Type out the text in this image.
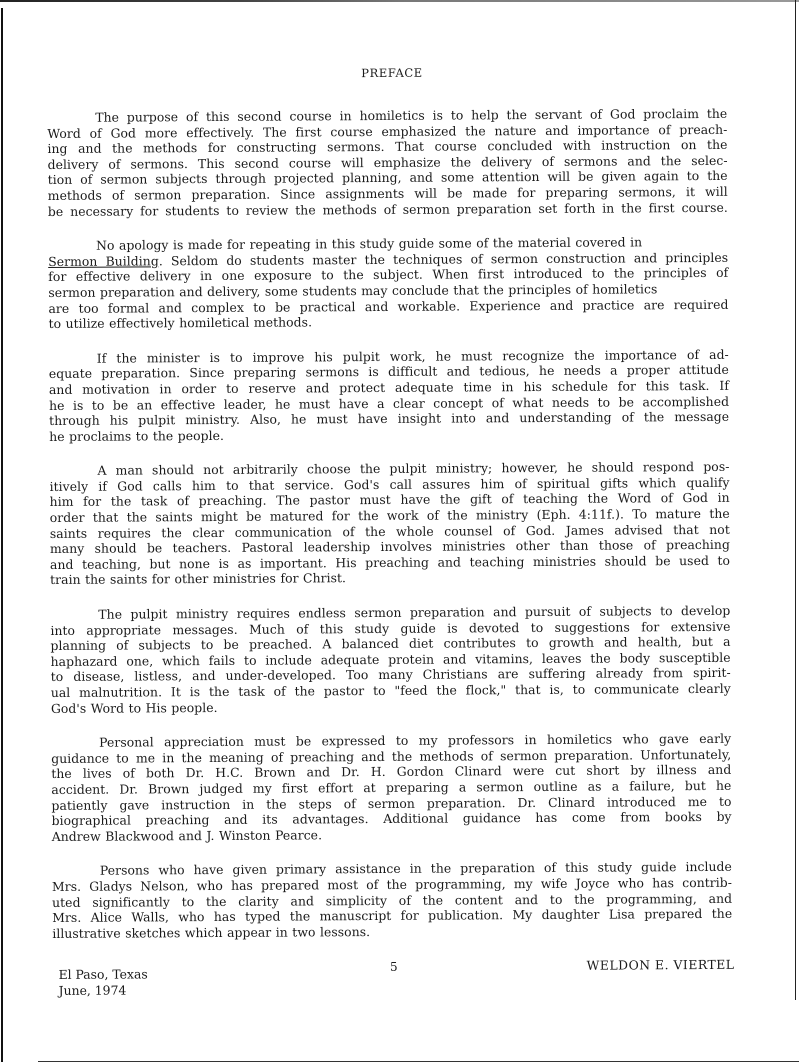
PREFACE
The purpose of this second course in homiletics is to help the servant of God proclaim the
Word of God more effectively. The first course emphasized the nature and importance of preach-
ing and the methods for constructing sermons. That course concluded with instruction on the
delivery of sermons. This second course will emphasize the delivery of sermons and the selec-
tion of sermon subjects through projected planning, and some attention will be given again to the
methods of sermon preparation. Since assignments will be made for preparing sermons, it will
be necessary for students to review the methods of sermon preparation set forth in the first course.
No apology is made for repeating in this study guide some of the material covered in
Sermon Building. Seldom do students master the techniques of sermon construction and principles
for effective delivery in one exposure to the subject. When first introduced to the principles of
sermon preparation and delivery, some students may conclude that the principles of homiletics
are too formal and complex to be practical and workable. Experience and practice are required
to utilize effectively homiletical methods.
If the minister is to improve his pulpit work, he must recognize the importance of ad-
equate preparation. Since preparing sermons is difficult and tedious, he needs a proper attitude
and motivation in order to reserve and protect adequate time in his schedule for this task. If
he is to be an effective leader, he must have a clear concept of what needs to be accomplished
through his pulpit ministry. Also, he must have insight into and understanding of the message
he proclaims to the people.
A man should not arbitrarily choose the pulpit ministry; however, he should respond pos-
itively if God calls him to that service. God's call assures him of spiritual gifts which qualify
him for the task of preaching. The pastor must have the gift of teaching the Word of God in
order that the saints might be matured for the work of the ministry (Eph. 4:11f.). To mature the
saints requires the clear communication of the whole counsel of God. James advised that not
many should be teachers. Pastoral leadership involves ministries other than those of preaching
and teaching, but none is as important. His preaching and teaching ministries should be used to
train the saints for other ministries for Christ.
The pulpit ministry requires endless sermon preparation and pursuit of subjects to develop
into appropriate messages. Much of this study guide is devoted to suggestions for extensive
planning of subjects to be preached. A balanced diet contributes to growth and health, but a
haphazard one, which fails to include adequate protein and vitamins, leaves the body susceptible
to disease, listless, and under-developed. Too many Christians are suffering already from spirit-
ual malnutrition. It is the task of the pastor to "feed the flock," that is, to communicate clearly
God's Word to His people.
Personal appreciation must be expressed to my professors in homiletics who gave early
guidance to me in the meaning of preaching and the methods of sermon preparation. Unfortunately,
the lives of both Dr. H.C. Brown and Dr. H. Gordon Clinard were cut short by illness and
accident. Dr. Brown judged my first effort at preparing a sermon outline as a failure, but he
patiently gave instruction in the steps of sermon preparation. Dr. Clinard introduced me to
biographical preaching and its advantages. Additional guidance has come from books by
Andrew Blackwood and J. Winston Pearce.
Persons who have given primary assistance in the preparation of this study guide include
Mrs. Gladys Nelson, who has prepared most of the programming, my wife Joyce who has contrib-
uted significantly to the clarity and simplicity of the content and to the programming, and
Mrs. Alice Walls, who has typed the manuscript for publication. My daughter Lisa prepared the
illustrative sketches which appear in two lessons.
El Paso, Texas
June, 1974
WELDON E. VIERTEL
5
